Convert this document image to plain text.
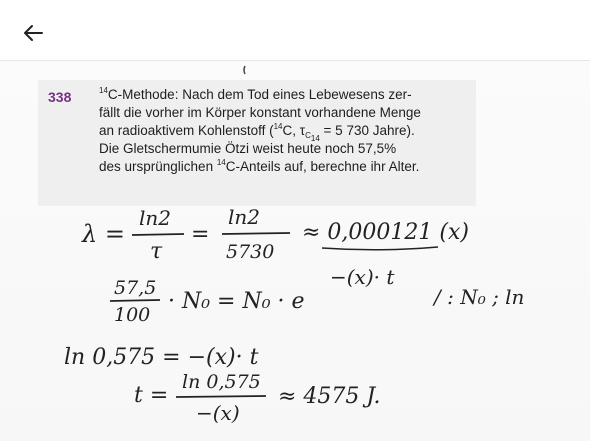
338	$^{14}$C-Methode: Nach dem Tod eines Lebewesens zer-

fällt die vorher im Körper konstant vorhandene Menge

an radioaktivem Kohlenstoff ($^{14}$C, $\tau_{C_{14}} = 5$ 730 Jahre).

Die Gletschermumie Ötzi weist heute noch 57,5%

des ursprünglichen $^{14}$C-Anteils auf, berechne ihr Alter.

λ =
ln2
τ
=
ln2
5730
≈ 0,000121 (x)
57,5
100
· N₀ = N₀ · e
−(x)· t
/ : N₀ ; ln
ln 0,575 = −(x)· t
t =
ln 0,575
−(x)
≈ 4575 J.
